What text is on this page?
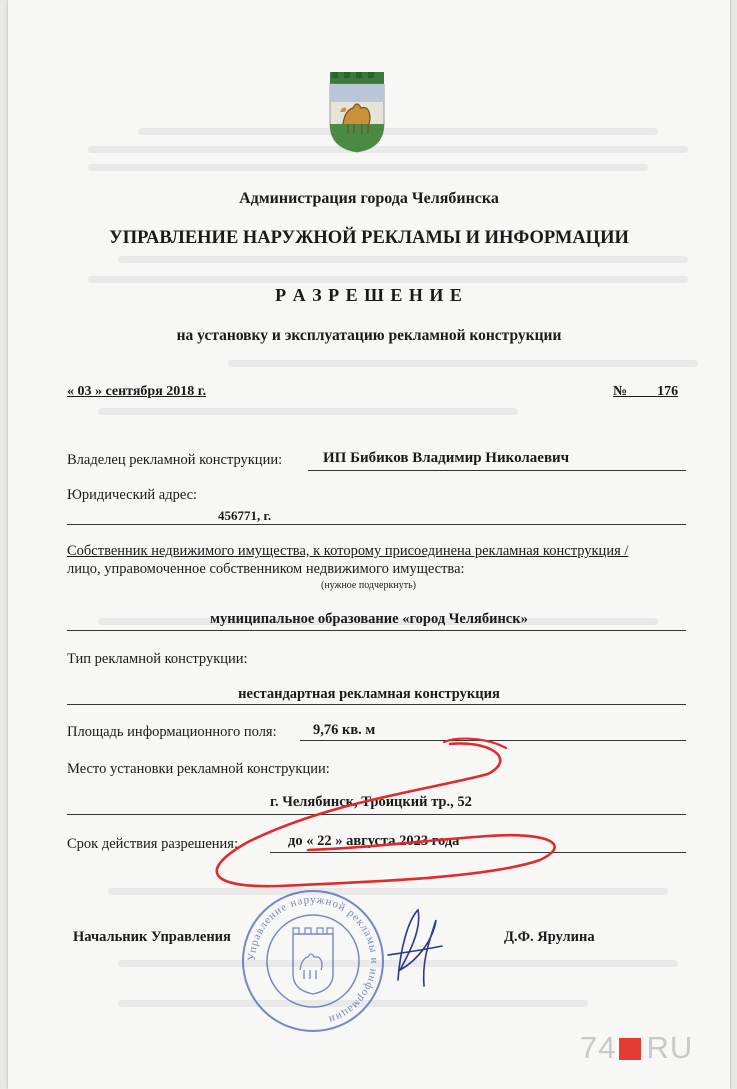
Администрация города Челябинска
УПРАВЛЕНИЕ НАРУЖНОЙ РЕКЛАМЫ И ИНФОРМАЦИИ
Р А З Р Е Ш Е Н И Е
на установку и эксплуатацию рекламной конструкции
« 03 » сентября 2018 г.	№ 176
Владелец рекламной конструкции:	ИП Бибиков Владимир Николаевич
Юридический адрес:
456771, г.
Собственник недвижимого имущества, к которому присоединена рекламная конструкция /
лицо, управомоченное собственником недвижимого имущества:
(нужное подчеркнуть)
муниципальное образование «город Челябинск»
Тип рекламной конструкции:
нестандартная рекламная конструкция
Площадь информационного поля:	9,76 кв. м
Место установки рекламной конструкции:
г. Челябинск, Троицкий тр., 52
Срок действия разрешения:	до « 22 » августа 2023 года
Управление наружной рекламы и информации
Начальник Управления	Д.Ф. Ярулина
74 RU
